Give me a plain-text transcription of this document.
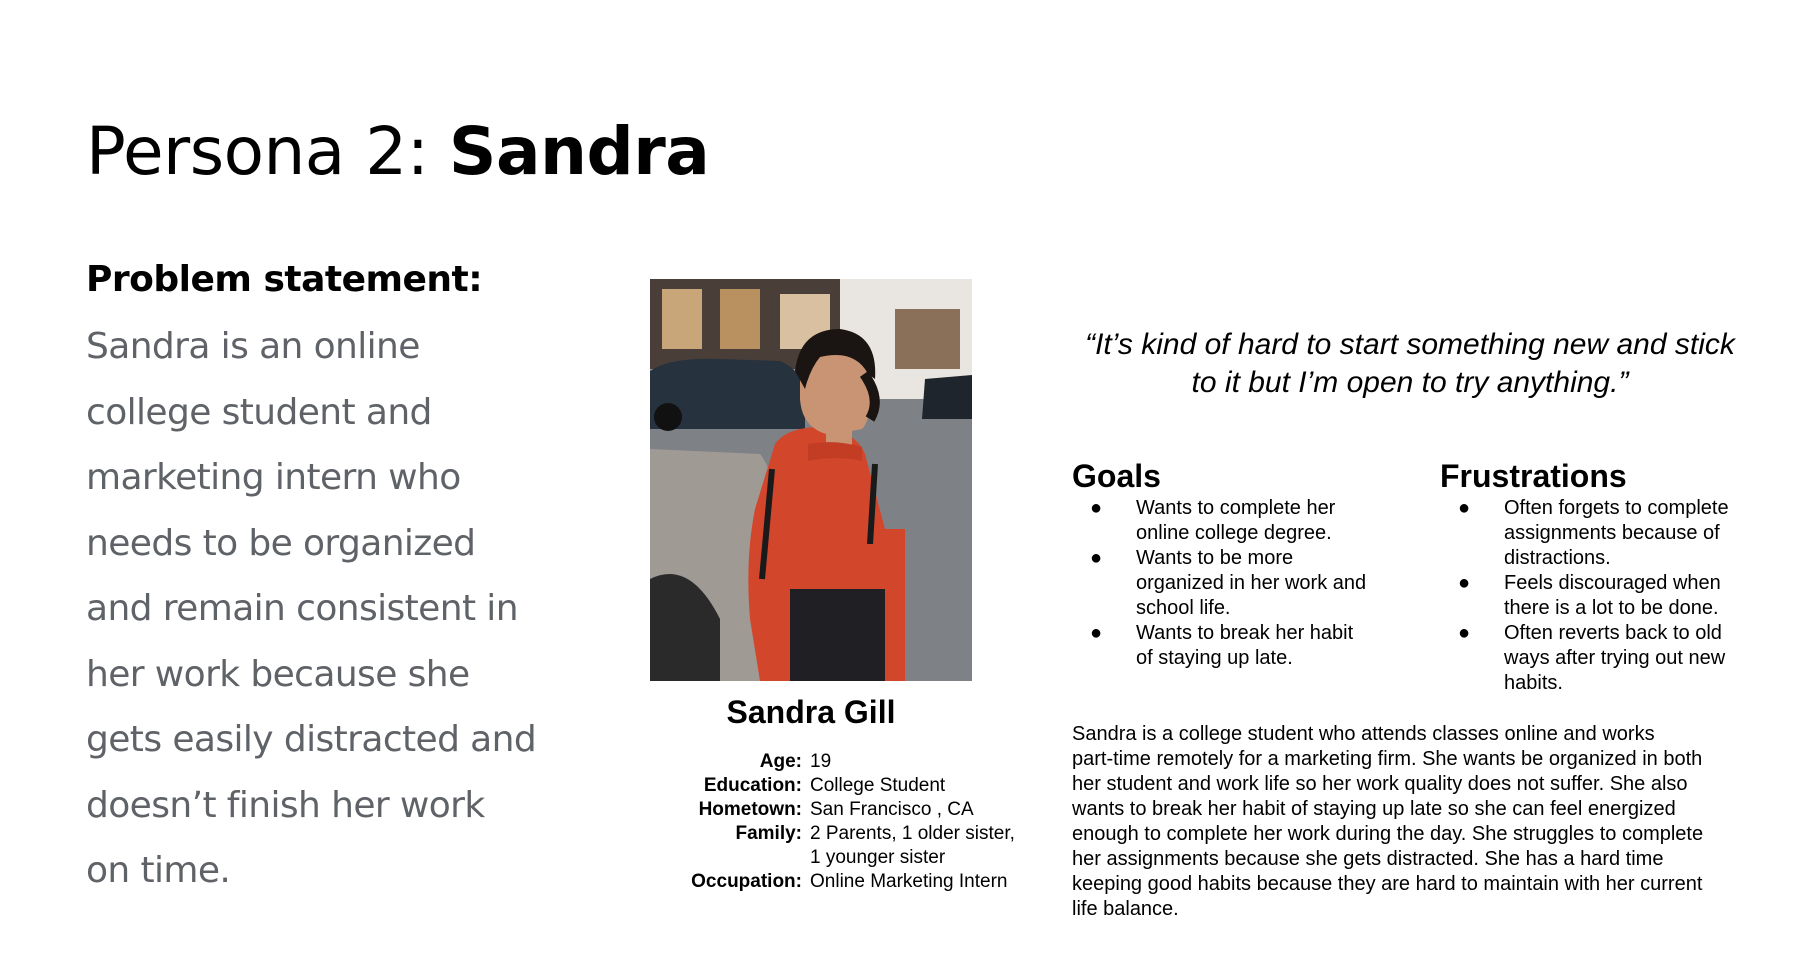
Persona 2: Sandra
Problem statement:
Sandra is an online
college student and
marketing intern who
needs to be organized
and remain consistent in
her work because she
gets easily distracted and
doesn’t finish her work
on time.
Sandra Gill
Age: 19
Education: College Student
Hometown: San Francisco , CA
Family: 2 Parents, 1 older sister, 1 younger sister
Occupation: Online Marketing Intern
“It’s kind of hard to start something new and stick to it but I’m open to try anything.”
Goals
● Wants to complete her online college degree.
● Wants to be more organized in her work and school life.
● Wants to break her habit of staying up late.
Frustrations
● Often forgets to complete assignments because of distractions.
● Feels discouraged when there is a lot to be done.
● Often reverts back to old ways after trying out new habits.
Sandra is a college student who attends classes online and works
part-time remotely for a marketing firm. She wants be organized in both
her student and work life so her work quality does not suffer. She also
wants to break her habit of staying up late so she can feel energized
enough to complete her work during the day. She struggles to complete
her assignments because she gets distracted. She has a hard time
keeping good habits because they are hard to maintain with her current
life balance.
